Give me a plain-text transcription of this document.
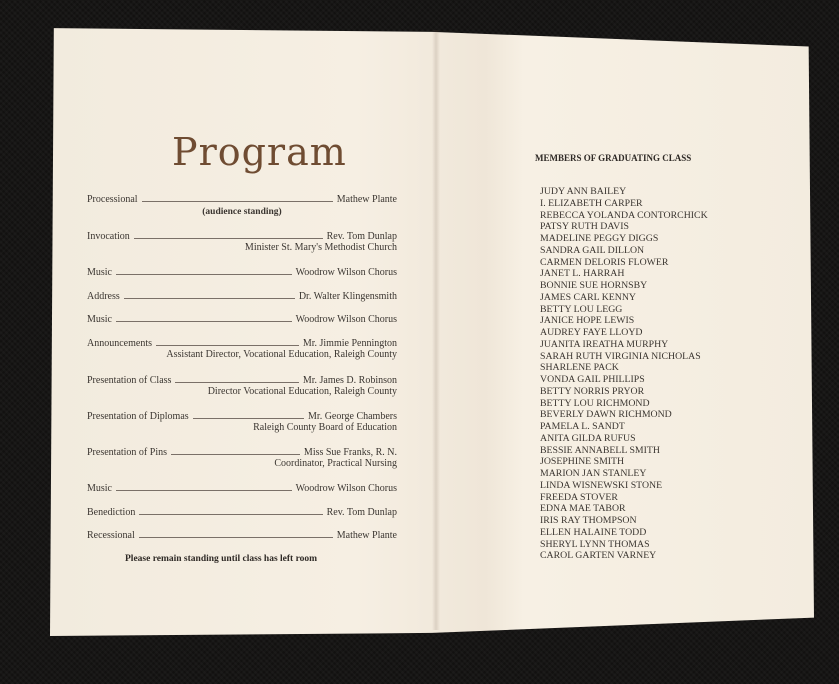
Program
Processional	Mathew Plante
(audience standing)
Invocation	Rev. Tom Dunlap
Minister St. Mary's Methodist Church
Music	Woodrow Wilson Chorus
Address	Dr. Walter Klingensmith
Music	Woodrow Wilson Chorus
Announcements	Mr. Jimmie Pennington
Assistant Director, Vocational Education, Raleigh County
Presentation of Class	Mr. James D. Robinson
Director Vocational Education, Raleigh County
Presentation of Diplomas	Mr. George Chambers
Raleigh County Board of Education
Presentation of Pins	Miss Sue Franks, R. N.
Coordinator, Practical Nursing
Music	Woodrow Wilson Chorus
Benediction	Rev. Tom Dunlap
Recessional	Mathew Plante
Please remain standing until class has left room
MEMBERS OF GRADUATING CLASS
JUDY ANN BAILEY
I. ELIZABETH CARPER
REBECCA YOLANDA CONTORCHICK
PATSY RUTH DAVIS
MADELINE PEGGY DIGGS
SANDRA GAIL DILLON
CARMEN DELORIS FLOWER
JANET L. HARRAH
BONNIE SUE HORNSBY
JAMES CARL KENNY
BETTY LOU LEGG
JANICE HOPE LEWIS
AUDREY FAYE LLOYD
JUANITA IREATHA MURPHY
SARAH RUTH VIRGINIA NICHOLAS
SHARLENE PACK
VONDA GAIL PHILLIPS
BETTY NORRIS PRYOR
BETTY LOU RICHMOND
BEVERLY DAWN RICHMOND
PAMELA L. SANDT
ANITA GILDA RUFUS
BESSIE ANNABELL SMITH
JOSEPHINE SMITH
MARION JAN STANLEY
LINDA WISNEWSKI STONE
FREEDA STOVER
EDNA MAE TABOR
IRIS RAY THOMPSON
ELLEN HALAINE TODD
SHERYL LYNN THOMAS
CAROL GARTEN VARNEY
